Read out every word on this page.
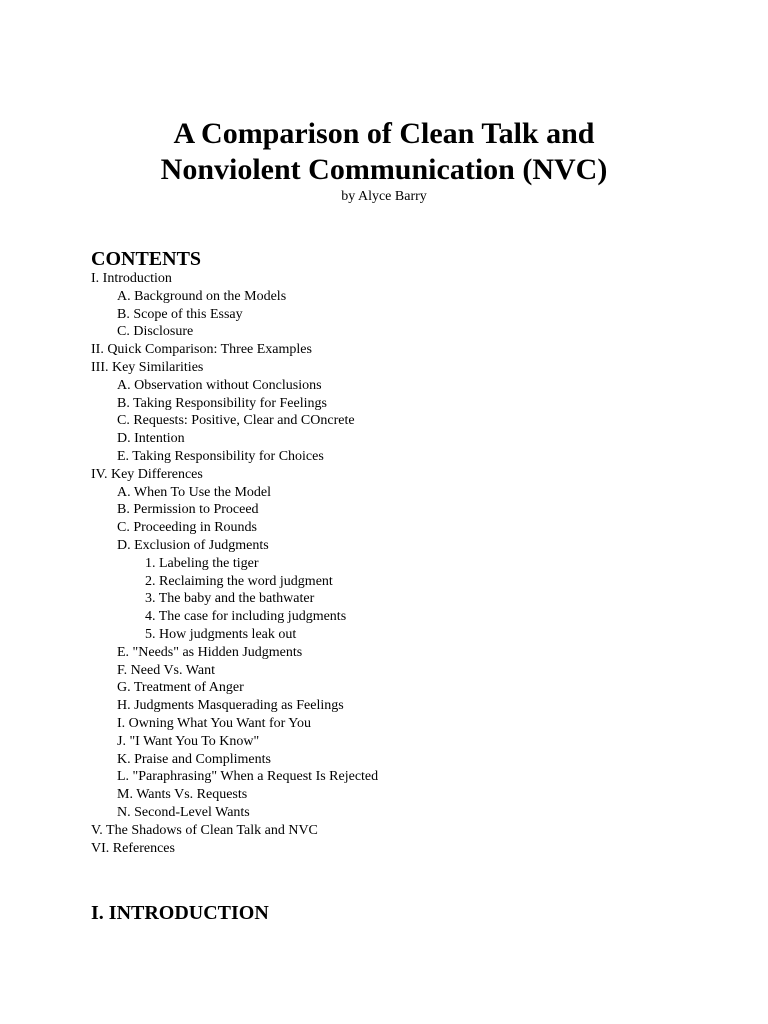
A Comparison of Clean Talk and
Nonviolent Communication (NVC)

by Alyce Barry

CONTENTS
I. Introduction
A. Background on the Models
B. Scope of this Essay
C. Disclosure
II. Quick Comparison: Three Examples
III. Key Similarities
A. Observation without Conclusions
B. Taking Responsibility for Feelings
C. Requests: Positive, Clear and COncrete
D. Intention
E. Taking Responsibility for Choices
IV. Key Differences
A. When To Use the Model
B. Permission to Proceed
C. Proceeding in Rounds
D. Exclusion of Judgments
1. Labeling the tiger
2. Reclaiming the word judgment
3. The baby and the bathwater
4. The case for including judgments
5. How judgments leak out
E. "Needs" as Hidden Judgments
F. Need Vs. Want
G. Treatment of Anger
H. Judgments Masquerading as Feelings
I. Owning What You Want for You
J. "I Want You To Know"
K. Praise and Compliments
L. "Paraphrasing" When a Request Is Rejected
M. Wants Vs. Requests
N. Second-Level Wants
V. The Shadows of Clean Talk and NVC
VI. References
I. INTRODUCTION
